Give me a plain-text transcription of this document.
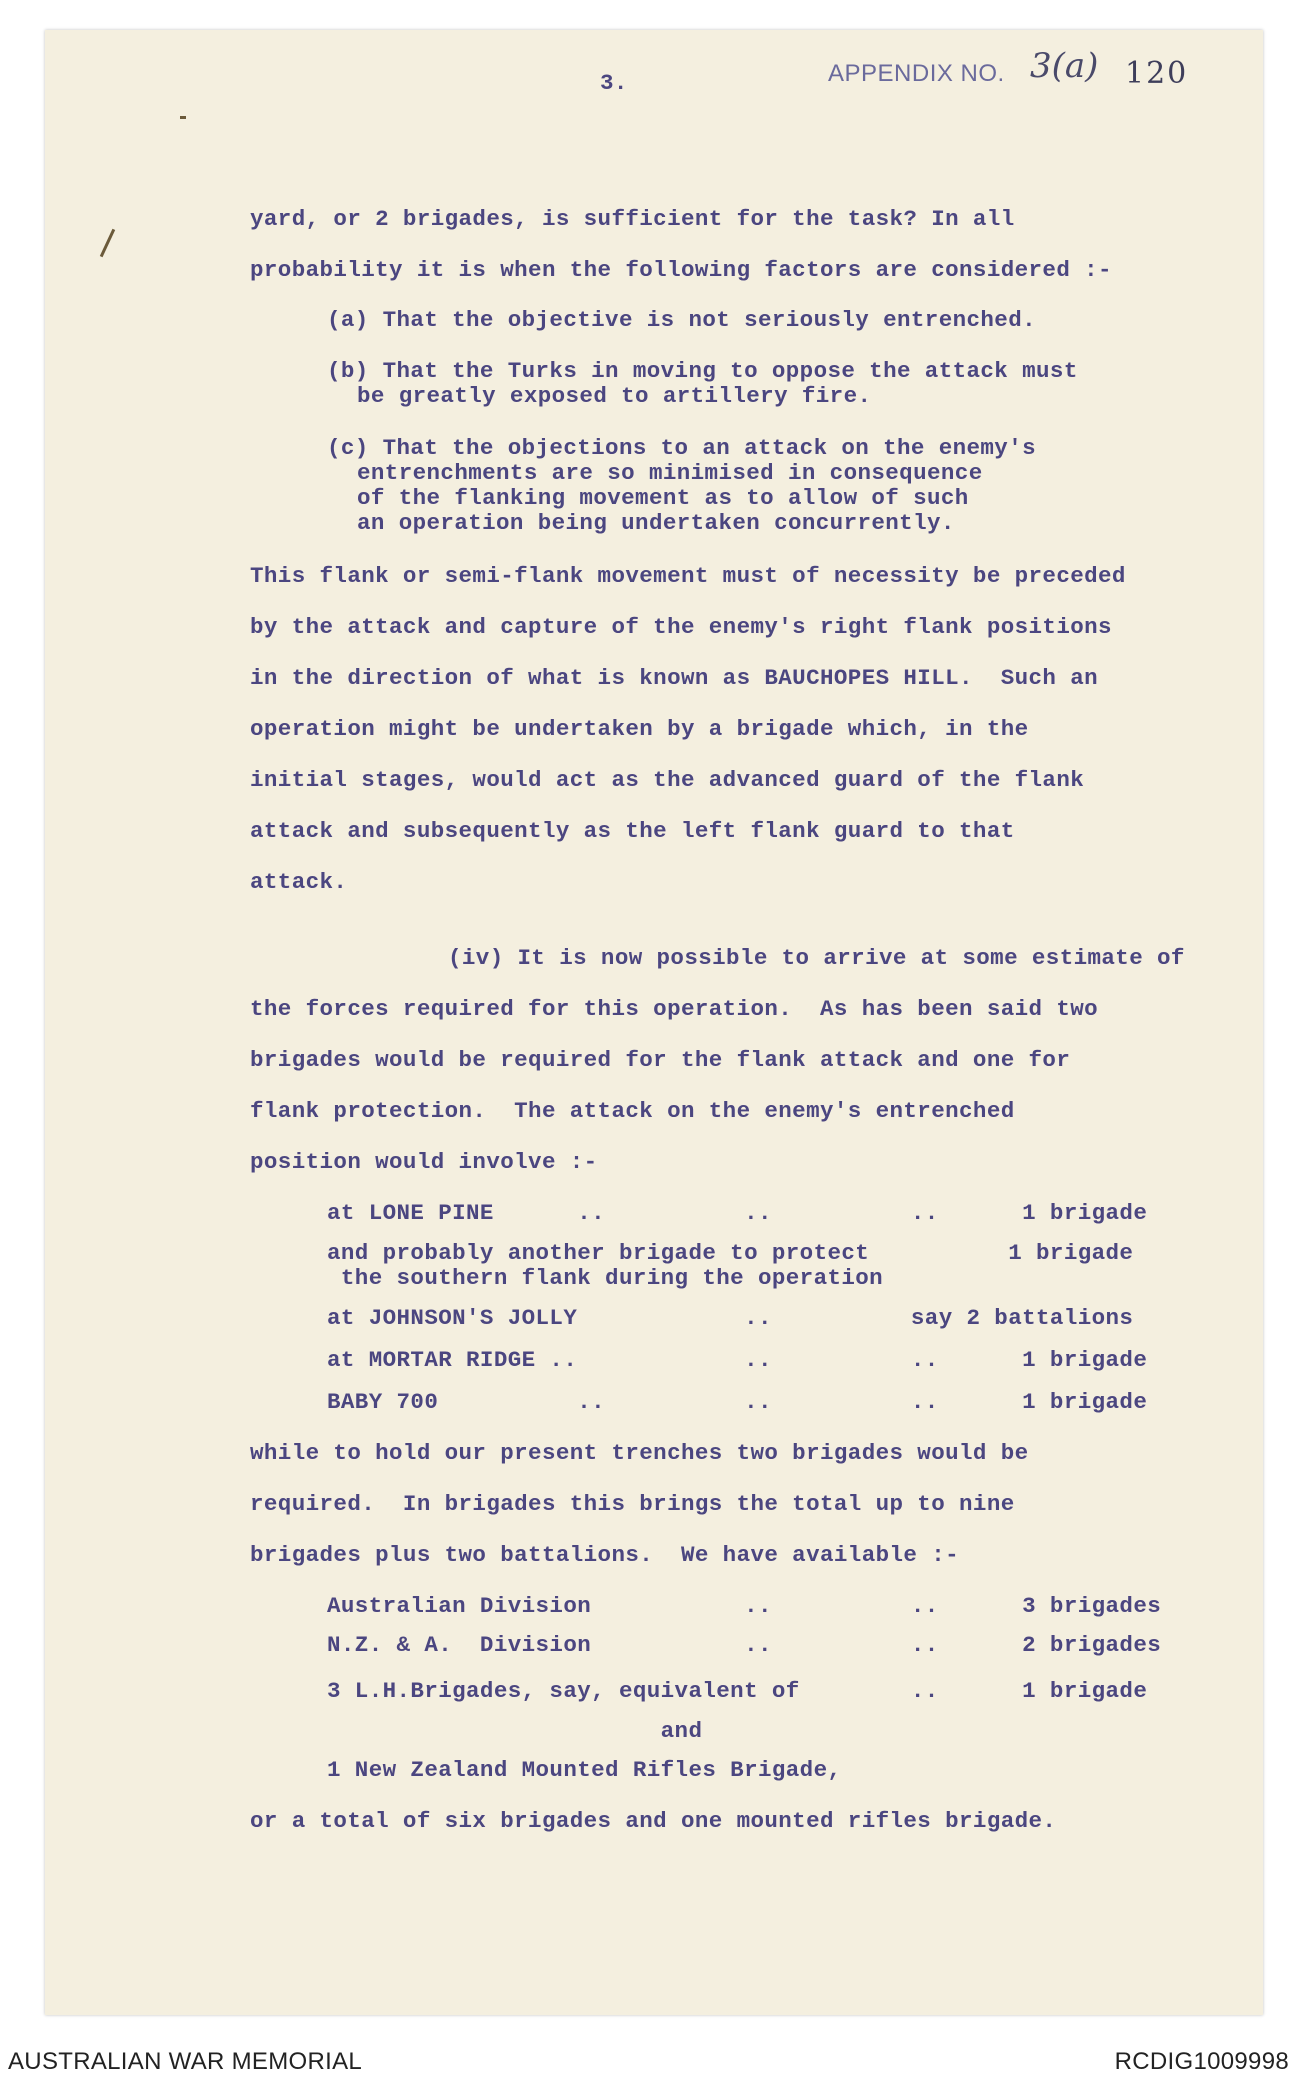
3.	APPENDIX NO. 3(a) 120
yard, or 2 brigades, is sufficient for the task? In all
probability it is when the following factors are considered :-
(a) That the objective is not seriously entrenched.
(b) That the Turks in moving to oppose the attack must
be greatly exposed to artillery fire.
(c) That the objections to an attack on the enemy's
entrenchments are so minimised in consequence
of the flanking movement as to allow of such
an operation being undertaken concurrently.
This flank or semi-flank movement must of necessity be preceded
by the attack and capture of the enemy's right flank positions
in the direction of what is known as BAUCHOPES HILL.  Such an
operation might be undertaken by a brigade which, in the
initial stages, would act as the advanced guard of the flank
attack and subsequently as the left flank guard to that
attack.
(iv) It is now possible to arrive at some estimate of
the forces required for this operation.  As has been said two
brigades would be required for the flank attack and one for
flank protection.  The attack on the enemy's entrenched
position would involve :-
at LONE PINE      ..          ..          ..      1 brigade
and probably another brigade to protect          1 brigade
the southern flank during the operation
at JOHNSON'S JOLLY            ..          say 2 battalions
at MORTAR RIDGE ..            ..          ..      1 brigade
BABY 700          ..          ..          ..      1 brigade
while to hold our present trenches two brigades would be
required.  In brigades this brings the total up to nine
brigades plus two battalions.  We have available :-
Australian Division           ..          ..      3 brigades
N.Z. & A.  Division           ..          ..      2 brigades
3 L.H.Brigades, say, equivalent of        ..      1 brigade
and
1 New Zealand Mounted Rifles Brigade,
or a total of six brigades and one mounted rifles brigade.
AUSTRALIAN WAR MEMORIAL	RCDIG1009998
